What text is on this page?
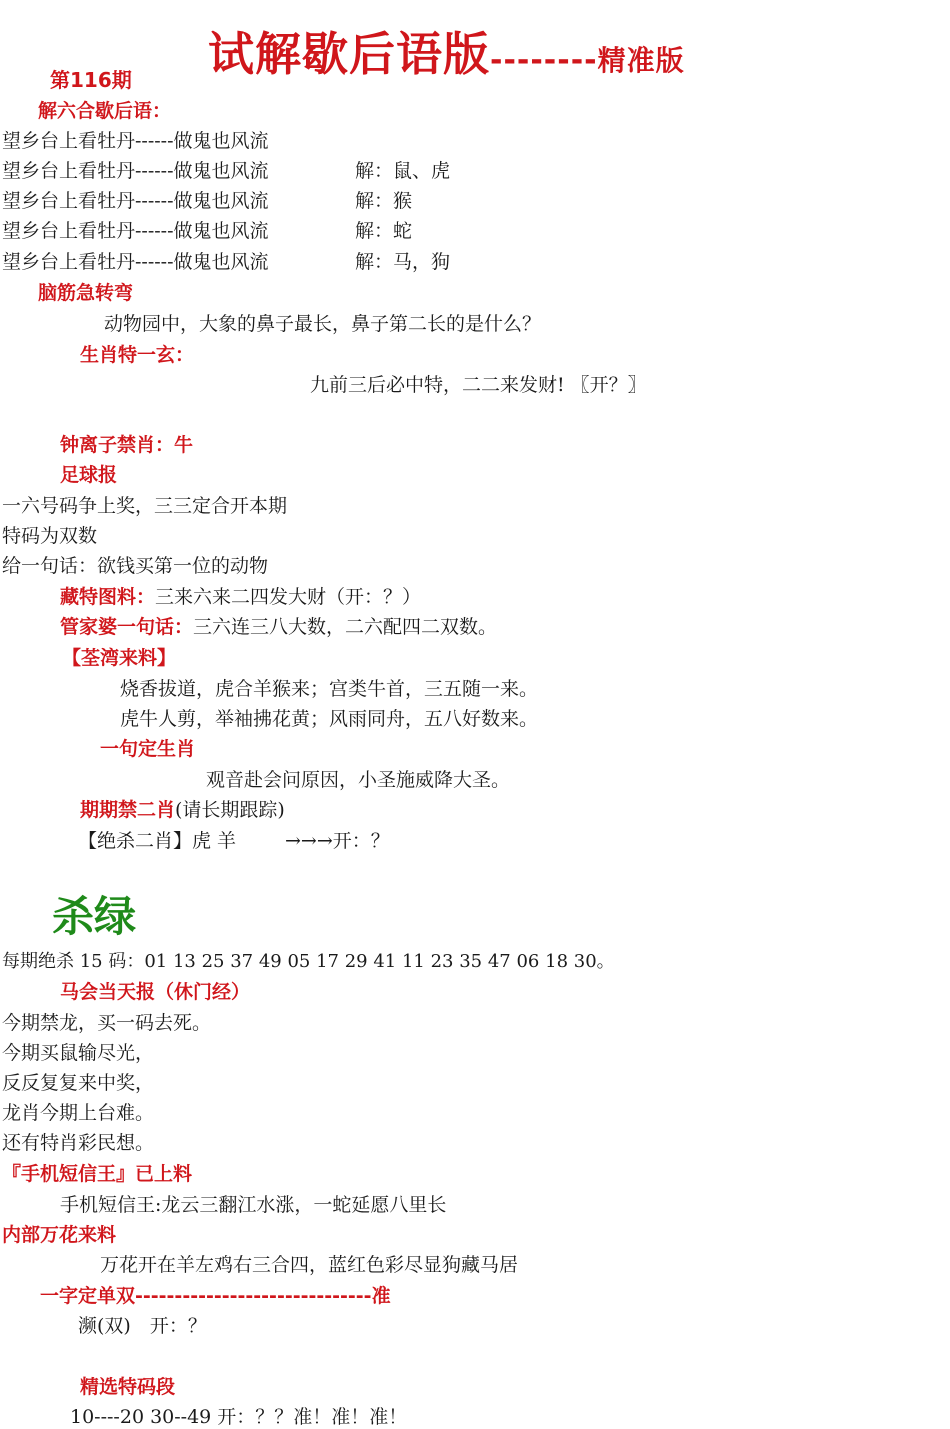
试解歇后语版--------精准版
第116期
解六合歇后语：
望乡台上看牡丹------做鬼也风流
望乡台上看牡丹------做鬼也风流	解：鼠、虎
望乡台上看牡丹------做鬼也风流	解：猴
望乡台上看牡丹------做鬼也风流	解：蛇
望乡台上看牡丹------做鬼也风流	解：马，狗
脑筋急转弯
动物园中，大象的鼻子最长，鼻子第二长的是什么？
生肖特一玄：
九前三后必中特，二二来发财! 〖开？〗
钟离子禁肖：牛
足球报
一六号码争上奖，三三定合开本期
特码为双数
给一句话：欲钱买第一位的动物
藏特图料：三来六来二四发大财（开：？）
管家婆一句话：三六连三八大数，二六配四二双数。
【荃湾来料】
烧香拔道，虎合羊猴来；宫类牛首，三五随一来。
虎牛人剪，举袖拂花黄；风雨同舟，五八好数来。
一句定生肖
观音赴会问原因，小圣施威降大圣。
期期禁二肖(请长期跟踪)
【绝杀二肖】虎 羊	→→→开：？
杀绿
每期绝杀 15 码：01 13 25 37 49 05 17 29 41 11 23 35 47 06 18 30。
马会当天报（休门经）
今期禁龙，买一码去死。
今期买鼠输尽光，
反反复复来中奖，
龙肖今期上台难。
还有特肖彩民想。
『手机短信王』已上料
手机短信王:龙云三翻江水涨，一蛇延愿八里长
内部万花来料
万花开在羊左鸡右三合四，蓝红色彩尽显狗藏马居
一字定单双------------------------------准
濒(双)　开：？
精选特码段
10----20 30--49 开：？？准！准！准！
